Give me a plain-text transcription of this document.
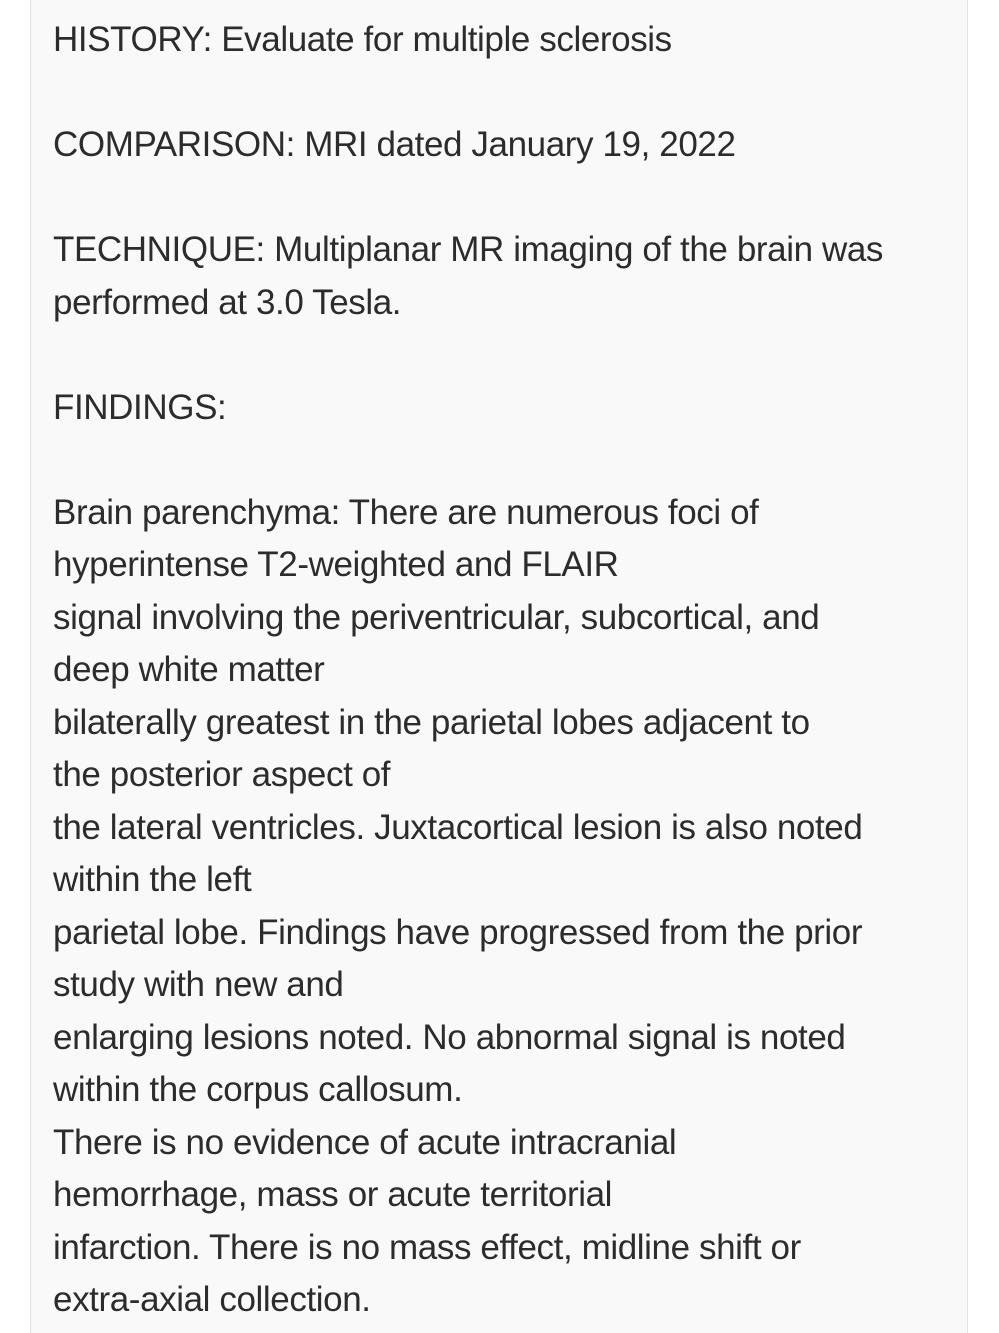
HISTORY: Evaluate for multiple sclerosis
COMPARISON: MRI dated January 19, 2022
TECHNIQUE: Multiplanar MR imaging of the brain was
performed at 3.0 Tesla.
FINDINGS:
Brain parenchyma: There are numerous foci of
hyperintense T2-weighted and FLAIR
signal involving the periventricular, subcortical, and
deep white matter
bilaterally greatest in the parietal lobes adjacent to
the posterior aspect of
the lateral ventricles. Juxtacortical lesion is also noted
within the left
parietal lobe. Findings have progressed from the prior
study with new and
enlarging lesions noted. No abnormal signal is noted
within the corpus callosum.
There is no evidence of acute intracranial
hemorrhage, mass or acute territorial
infarction. There is no mass effect, midline shift or
extra-axial collection.
